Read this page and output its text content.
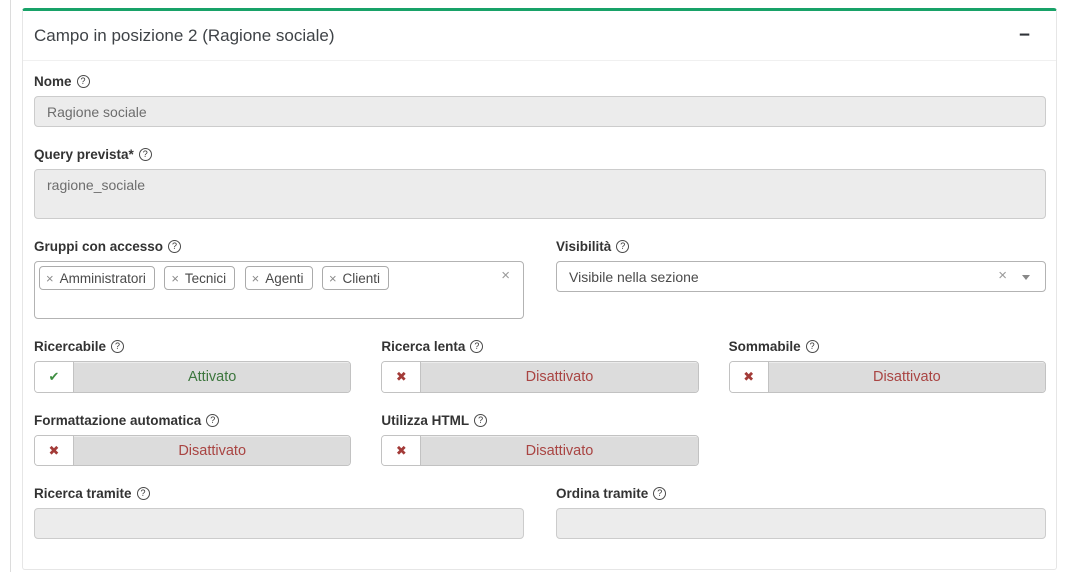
Campo in posizione 2 (Ragione sociale)	−
Nome ?
Ragione sociale
Query prevista* ?
ragione_sociale
Gruppi con accesso ?
× Amministratori
× Tecnici
× Agenti
× Clienti	×
Visibilità ?
Visibile nella sezione	×
Ricercabile ?
✔	Attivato
Ricerca lenta ?
✖	Disattivato
Sommabile ?
✖	Disattivato
Formattazione automatica ?
✖	Disattivato
Utilizza HTML ?
✖	Disattivato
Ricerca tramite ?	Ordina tramite ?
